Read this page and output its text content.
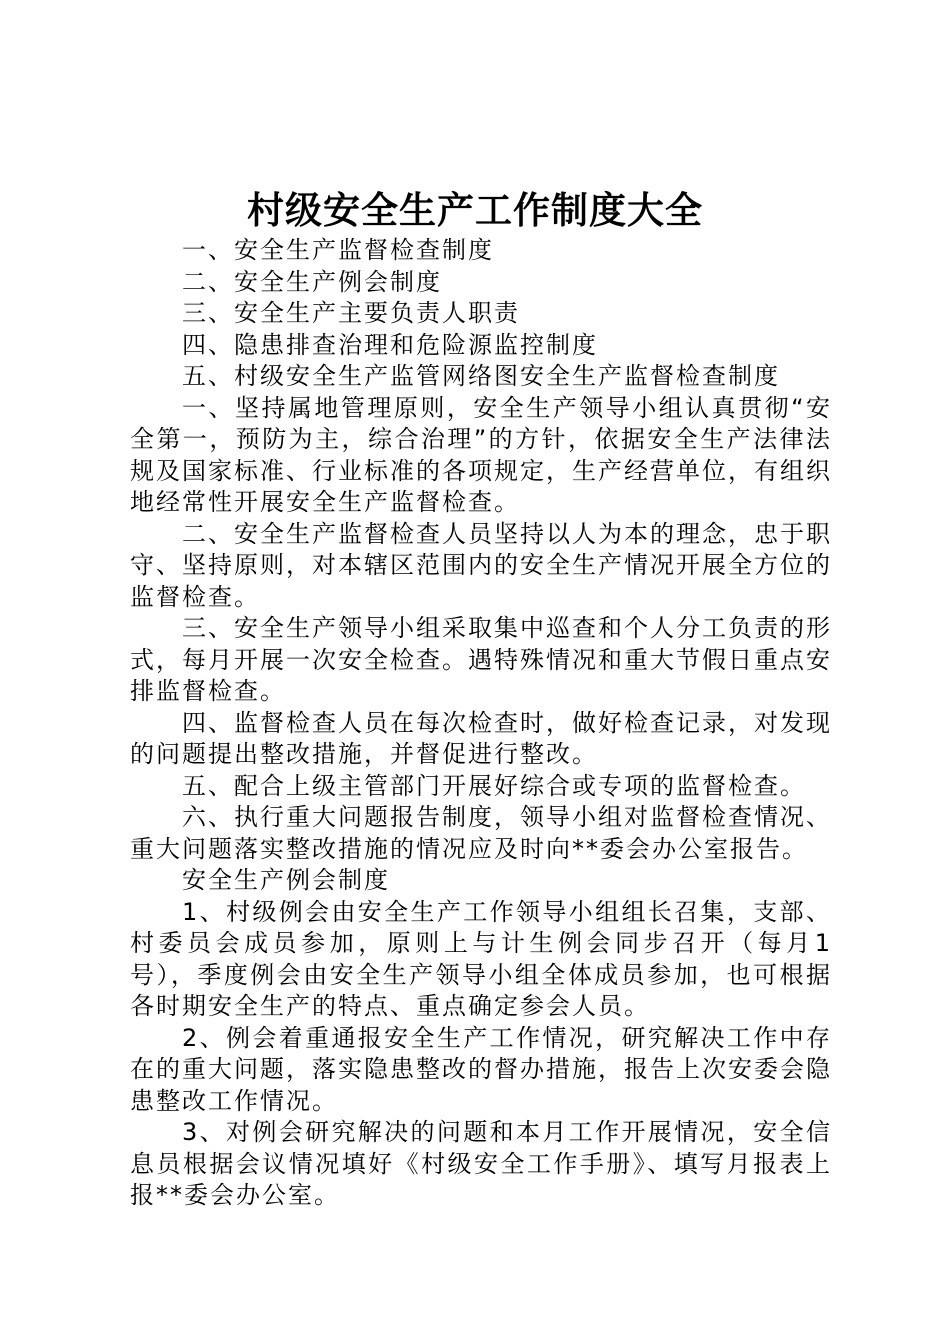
村级安全生产工作制度大全

一、安全生产监督检查制度

二、安全生产例会制度

三、安全生产主要负责人职责

四、隐患排查治理和危险源监控制度

五、村级安全生产监管网络图安全生产监督检查制度

一、坚持属地管理原则，安全生产领导小组认真贯彻“安全第一，预防为主，综合治理”的方针，依据安全生产法律法规及国家标准、行业标准的各项规定，生产经营单位，有组织地经常性开展安全生产监督检查。

二、安全生产监督检查人员坚持以人为本的理念，忠于职守、坚持原则，对本辖区范围内的安全生产情况开展全方位的监督检查。

三、安全生产领导小组采取集中巡查和个人分工负责的形式，每月开展一次安全检查。遇特殊情况和重大节假日重点安排监督检查。

四、监督检查人员在每次检查时，做好检查记录，对发现的问题提出整改措施，并督促进行整改。

五、配合上级主管部门开展好综合或专项的监督检查。

六、执行重大问题报告制度，领导小组对监督检查情况、重大问题落实整改措施的情况应及时向**委会办公室报告。

安全生产例会制度

1、村级例会由安全生产工作领导小组组长召集，支部、村委员会成员参加，原则上与计生例会同步召开（每月1号），季度例会由安全生产领导小组全体成员参加，也可根据各时期安全生产的特点、重点确定参会人员。

2、例会着重通报安全生产工作情况，研究解决工作中存在的重大问题，落实隐患整改的督办措施，报告上次安委会隐患整改工作情况。

3、对例会研究解决的问题和本月工作开展情况，安全信息员根据会议情况填好《村级安全工作手册》、填写月报表上报**委会办公室。
